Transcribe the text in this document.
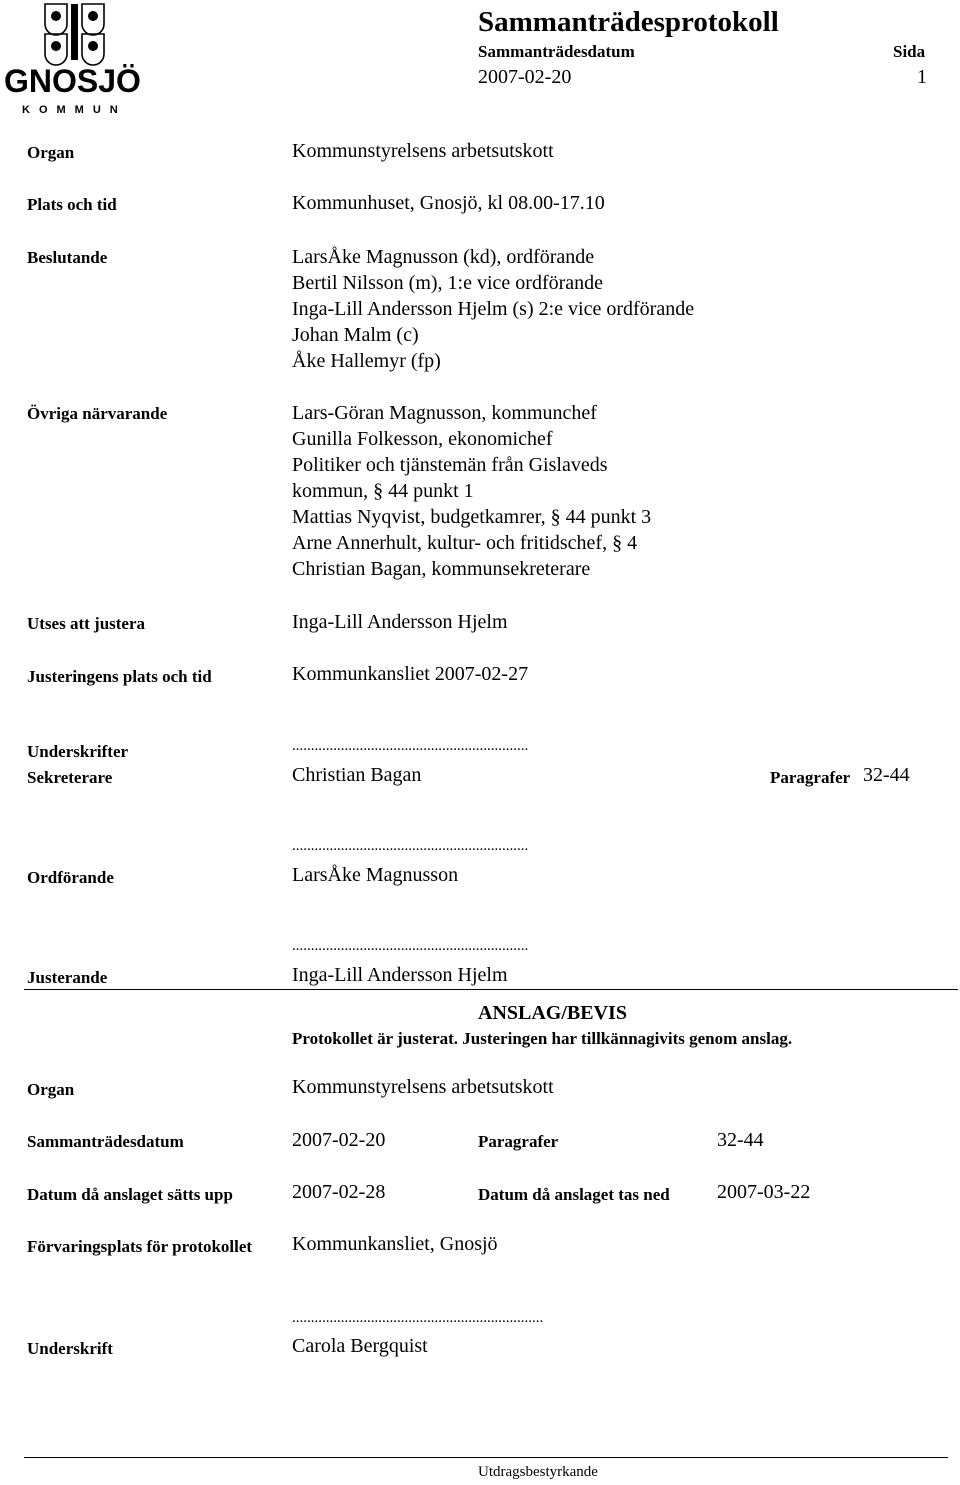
GNOSJÖ
KOMMUN
Sammanträdesprotokoll
Sammanträdesdatum	Sida
2007-02-20	1
Organ	Kommunstyrelsens arbetsutskott
Plats och tid	Kommunhuset, Gnosjö, kl 08.00-17.10
Beslutande	LarsÅke Magnusson (kd), ordförande
Bertil Nilsson (m), 1:e vice ordförande
Inga-Lill Andersson Hjelm (s) 2:e vice ordförande
Johan Malm (c)
Åke Hallemyr (fp)
Övriga närvarande	Lars-Göran Magnusson, kommunchef
Gunilla Folkesson, ekonomichef
Politiker och tjänstemän från Gislaveds
kommun, § 44 punkt 1
Mattias Nyqvist, budgetkamrer, § 44 punkt 3
Arne Annerhult, kultur- och fritidschef, § 4
Christian Bagan, kommunsekreterare
Utses att justera	Inga-Lill Andersson Hjelm
Justeringens plats och tid	Kommunkansliet 2007-02-27
Underskrifter	...............................................................
Sekreterare	Christian Bagan	Paragrafer 32-44
...............................................................
Ordförande	LarsÅke Magnusson
...............................................................
Justerande	Inga-Lill Andersson Hjelm
ANSLAG/BEVIS
Protokollet är justerat. Justeringen har tillkännagivits genom anslag.
Organ	Kommunstyrelsens arbetsutskott
Sammanträdesdatum	2007-02-20	Paragrafer	32-44
Datum då anslaget sätts upp	2007-02-28	Datum då anslaget tas ned 2007-03-22
Förvaringsplats för protokollet Kommunkansliet, Gnosjö
...................................................................
Underskrift	Carola Bergquist
Utdragsbestyrkande
